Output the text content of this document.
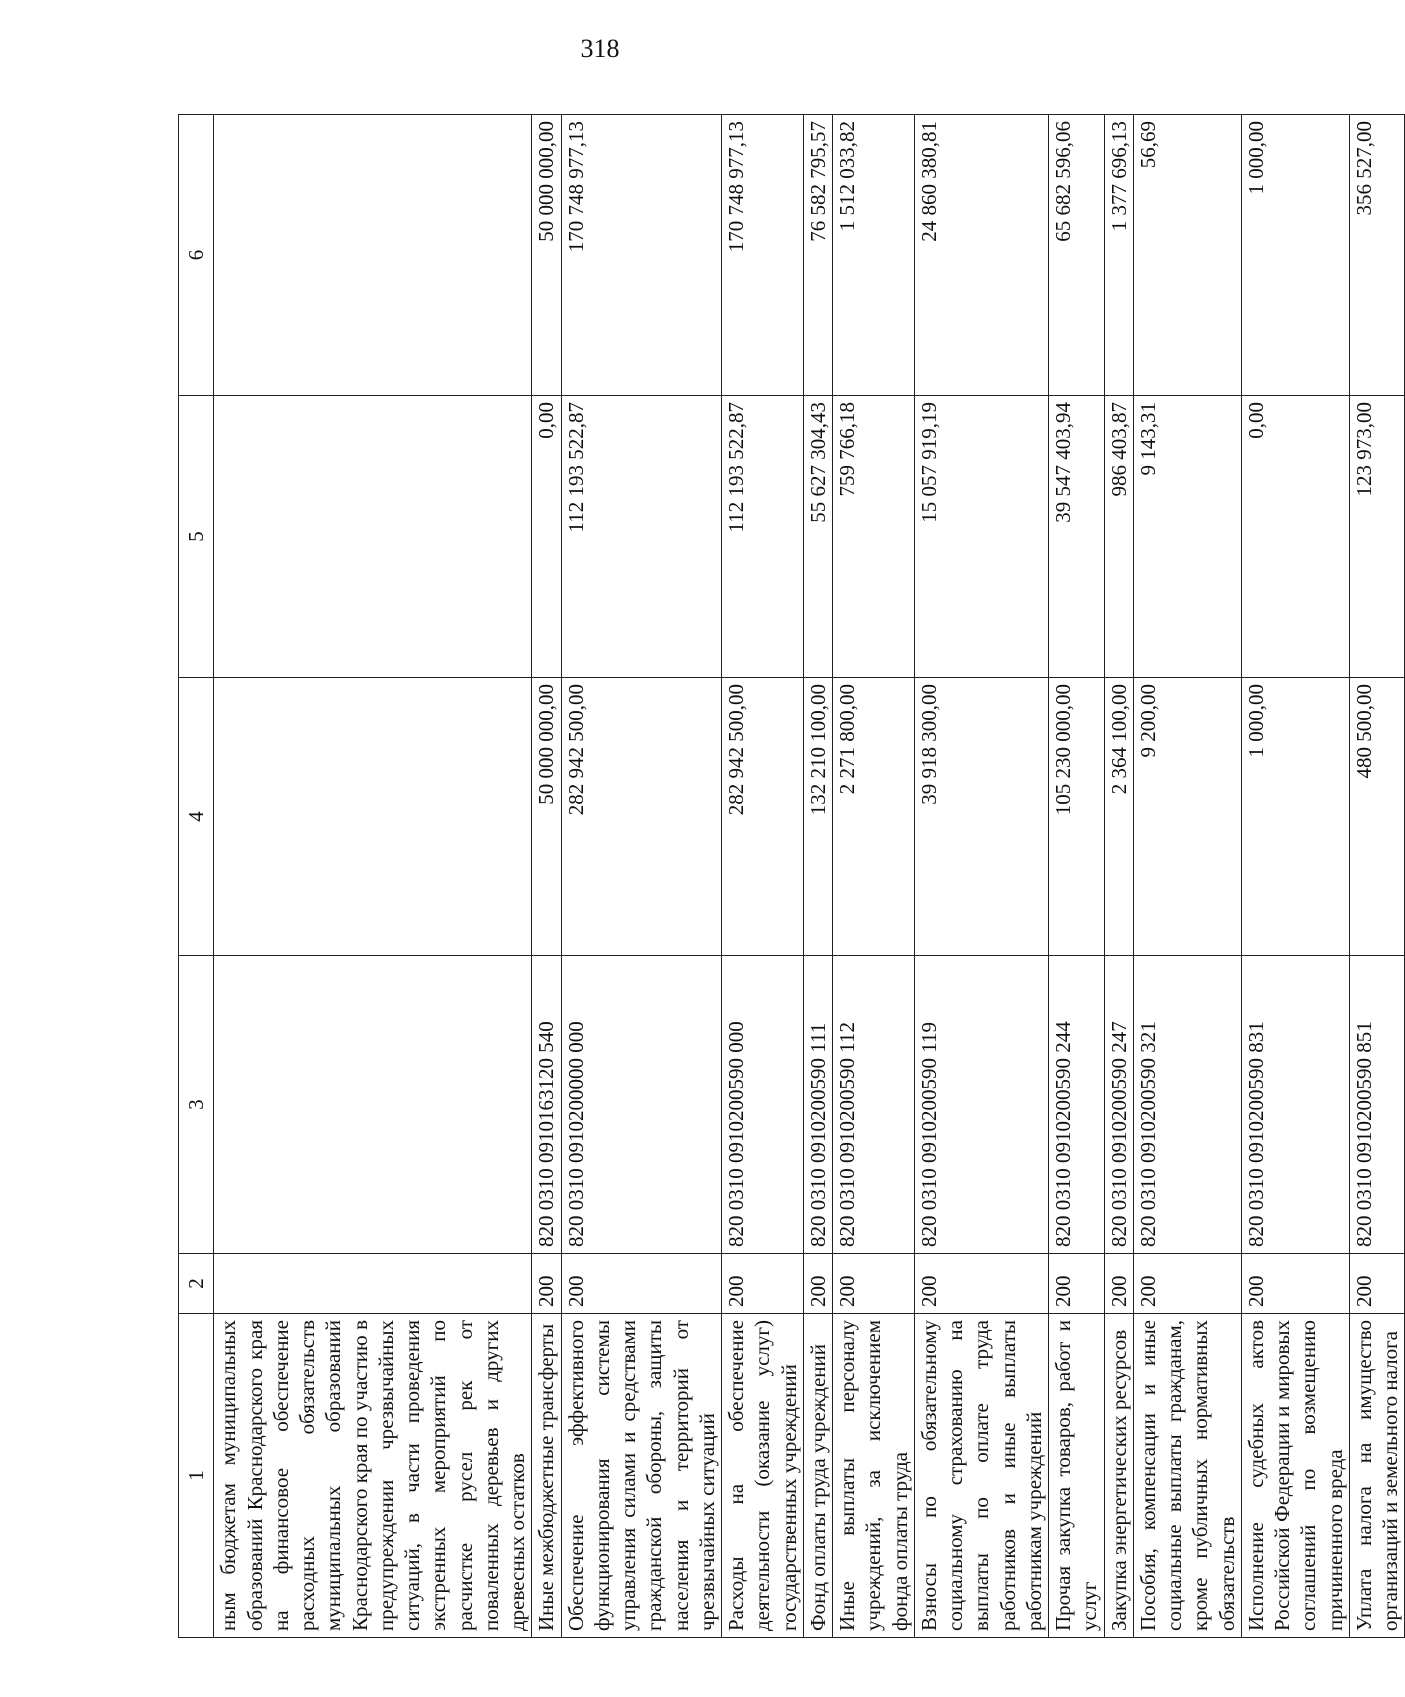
318
1	2	3	4	5	6
ным бюджетам муниципальных образований Краснодарского края на финансовое обеспечение расходных обязательств муниципальных образований Краснодарского края по участию в предупреждении чрезвычайных ситуаций, в части проведения экстренных мероприятий по расчистке русел рек от поваленных деревьев и других древесных остатков					
Иные межбюджетные трансферты	200	820 0310 0910163120 540	50 000 000,00	0,00	50 000 000,00
Обеспечение эффективного функционирования системы управления силами и средствами гражданской обороны, защиты населения и территорий от чрезвычайных ситуаций	200	820 0310 0910200000 000	282 942 500,00	112 193 522,87	170 748 977,13
Расходы на обеспечение деятельности (оказание услуг) государственных учреждений	200	820 0310 0910200590 000	282 942 500,00	112 193 522,87	170 748 977,13
Фонд оплаты труда учреждений	200	820 0310 0910200590 111	132 210 100,00	55 627 304,43	76 582 795,57
Иные выплаты персоналу учреждений, за исключением фонда оплаты труда	200	820 0310 0910200590 112	2 271 800,00	759 766,18	1 512 033,82
Взносы по обязательному социальному страхованию на выплаты по оплате труда работников и иные выплаты работникам учреждений	200	820 0310 0910200590 119	39 918 300,00	15 057 919,19	24 860 380,81
Прочая закупка товаров, работ и услуг	200	820 0310 0910200590 244	105 230 000,00	39 547 403,94	65 682 596,06
Закупка энергетических ресурсов	200	820 0310 0910200590 247	2 364 100,00	986 403,87	1 377 696,13
Пособия, компенсации и иные социальные выплаты гражданам, кроме публичных нормативных обязательств	200	820 0310 0910200590 321	9 200,00	9 143,31	56,69
Исполнение судебных актов Российской Федерации и мировых соглашений по возмещению причиненного вреда	200	820 0310 0910200590 831	1 000,00	0,00	1 000,00
Уплата налога на имущество организаций и земельного налога	200	820 0310 0910200590 851	480 500,00	123 973,00	356 527,00
